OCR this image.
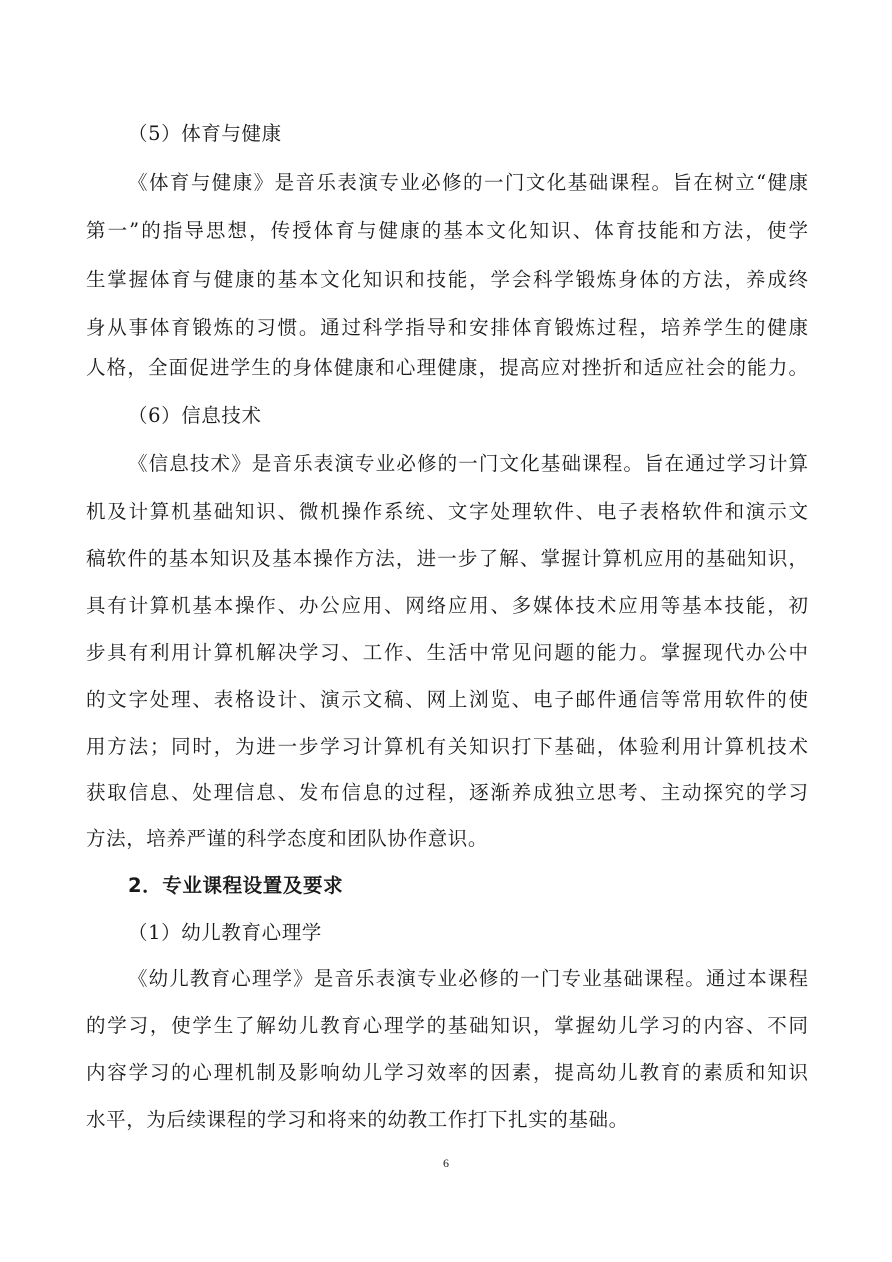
（5）体育与健康
《体育与健康》是音乐表演专业必修的一门文化基础课程。旨在树立“健康
第一”的指导思想，传授体育与健康的基本文化知识、体育技能和方法，使学
生掌握体育与健康的基本文化知识和技能，学会科学锻炼身体的方法，养成终
身从事体育锻炼的习惯。通过科学指导和安排体育锻炼过程，培养学生的健康
人格，全面促进学生的身体健康和心理健康，提高应对挫折和适应社会的能力。
（6）信息技术
《信息技术》是音乐表演专业必修的一门文化基础课程。旨在通过学习计算
机及计算机基础知识、微机操作系统、文字处理软件、电子表格软件和演示文
稿软件的基本知识及基本操作方法，进一步了解、掌握计算机应用的基础知识，
具有计算机基本操作、办公应用、网络应用、多媒体技术应用等基本技能，初
步具有利用计算机解决学习、工作、生活中常见问题的能力。掌握现代办公中
的文字处理、表格设计、演示文稿、网上浏览、电子邮件通信等常用软件的使
用方法；同时，为进一步学习计算机有关知识打下基础，体验利用计算机技术
获取信息、处理信息、发布信息的过程，逐渐养成独立思考、主动探究的学习
方法，培养严谨的科学态度和团队协作意识。
2．专业课程设置及要求
（1）幼儿教育心理学
《幼儿教育心理学》是音乐表演专业必修的一门专业基础课程。通过本课程
的学习，使学生了解幼儿教育心理学的基础知识，掌握幼儿学习的内容、不同
内容学习的心理机制及影响幼儿学习效率的因素，提高幼儿教育的素质和知识
水平，为后续课程的学习和将来的幼教工作打下扎实的基础。
6
